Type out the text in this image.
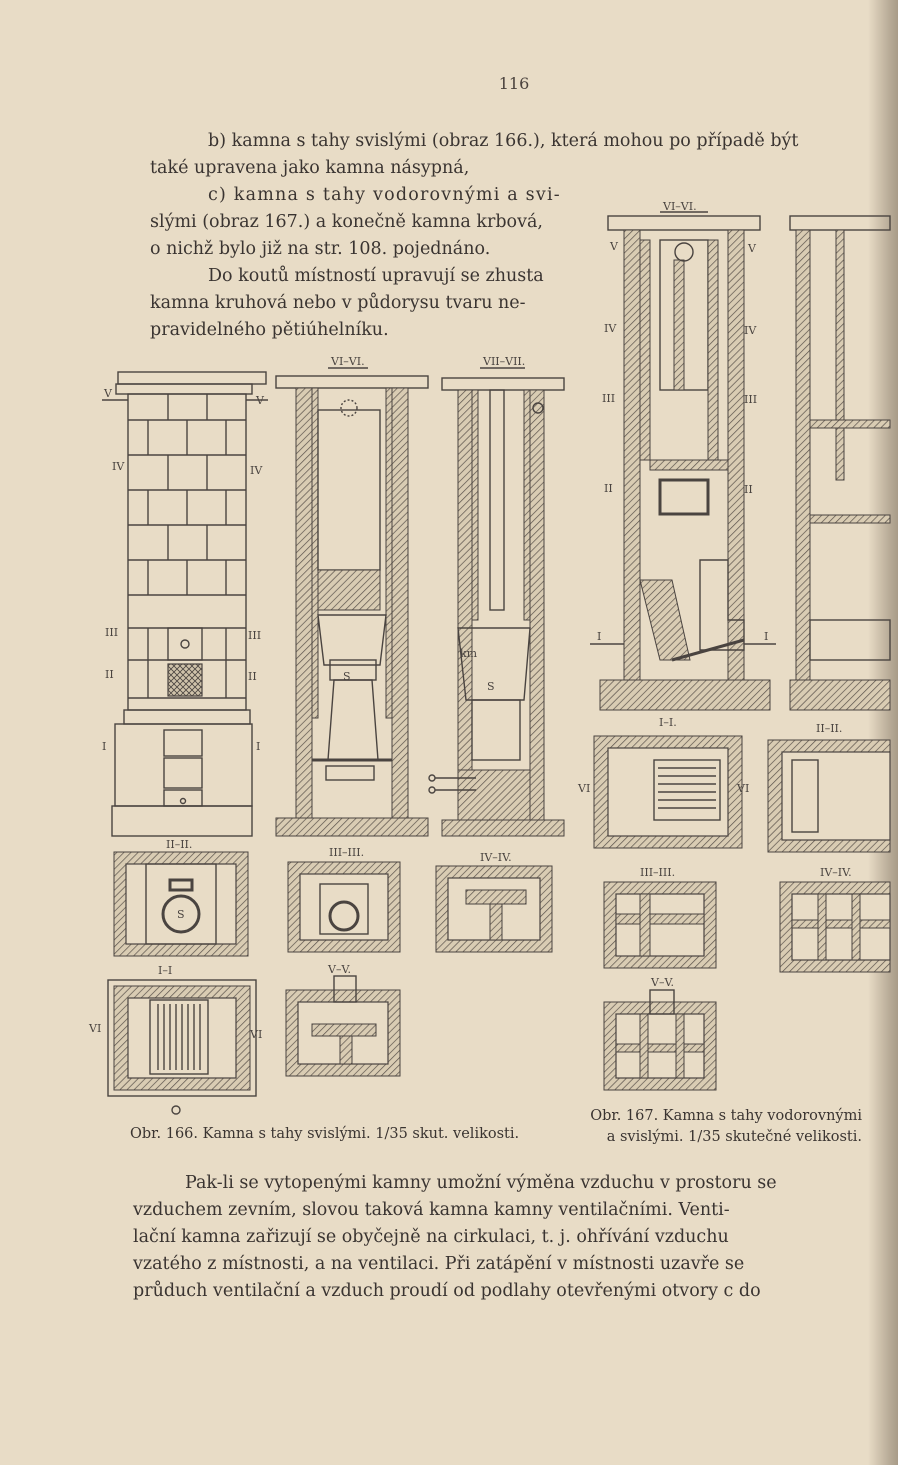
116
b) kamna s tahy svislými (obraz 166.), která mohou po případě být
také upravena jako kamna násypná,
c) kamna s tahy vodorovnými a svi-
slými (obraz 167.) a konečně kamna krbová,
o nichž bylo již na str. 108. pojednáno.
Do koutů místností upravují se zhusta
kamna kruhová nebo v půdorysu tvaru ne-
pravidelného pětiúhelníku.
V
V
IV	IV
III	III
II	II
I	I
VI–VI.
S
VII–VII.
km
S
II–II.
S
III–III.	IV–IV.
I–I
VI	VI
V–V.
VI–VI.
V	V
IV	IV
III	III
II	II
I	I
I–I.
VI	VI
II–II.
III–III.	IV–IV.
V–V.
Obr. 166. Kamna s tahy svislými. 1/35 skut. velikosti.
Obr. 167. Kamna s tahy vodorovnými
a svislými. 1/35 skutečné velikosti.
Pak-li se vytopenými kamny umožní výměna vzduchu v prostoru se
vzduchem zevním, slovou taková kamna kamny ventilačními. Venti-
lační kamna zařizují se obyčejně na cirkulaci, t. j. ohřívání vzduchu
vzatého z místnosti, a na ventilaci. Při zatápění v místnosti uzavře se
průduch ventilační a vzduch proudí od podlahy otevřenými otvory c do
